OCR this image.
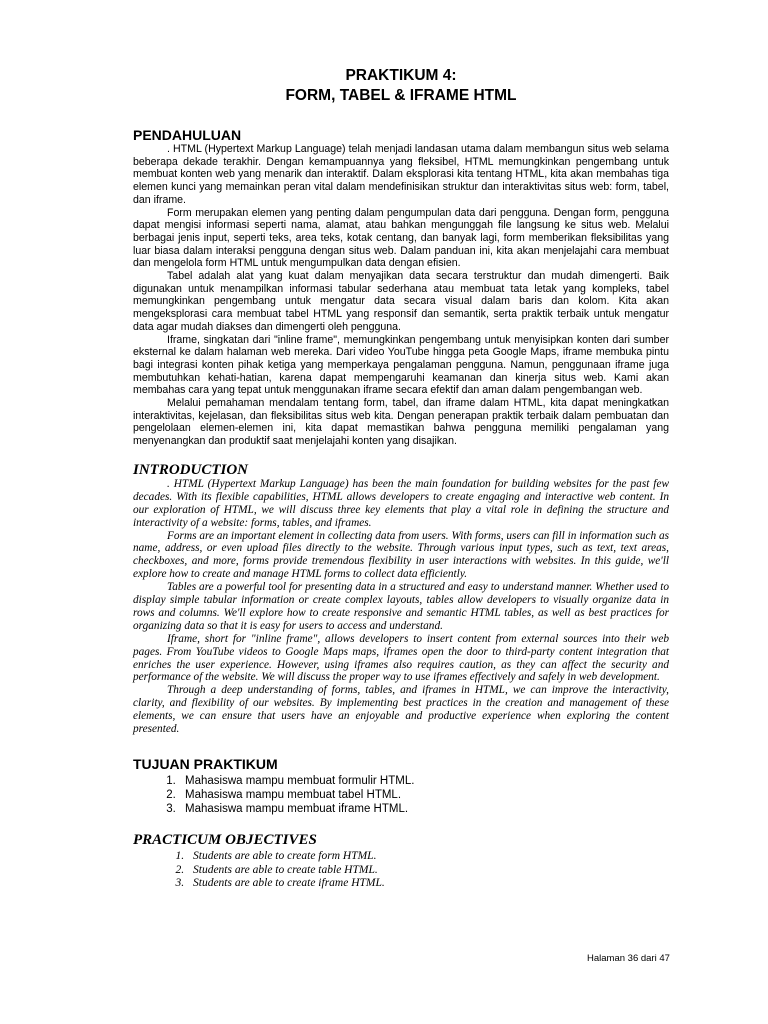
PRAKTIKUM 4:

FORM, TABEL & IFRAME HTML

PENDAHULUAN

. HTML (Hypertext Markup Language) telah menjadi landasan utama dalam membangun situs web selama beberapa dekade terakhir. Dengan kemampuannya yang fleksibel, HTML memungkinkan pengembang untuk membuat konten web yang menarik dan interaktif. Dalam eksplorasi kita tentang HTML, kita akan membahas tiga elemen kunci yang memainkan peran vital dalam mendefinisikan struktur dan interaktivitas situs web: form, tabel, dan iframe.

Form merupakan elemen yang penting dalam pengumpulan data dari pengguna. Dengan form, pengguna dapat mengisi informasi seperti nama, alamat, atau bahkan mengunggah file langsung ke situs web. Melalui berbagai jenis input, seperti teks, area teks, kotak centang, dan banyak lagi, form memberikan fleksibilitas yang luar biasa dalam interaksi pengguna dengan situs web. Dalam panduan ini, kita akan menjelajahi cara membuat dan mengelola form HTML untuk mengumpulkan data dengan efisien.

Tabel adalah alat yang kuat dalam menyajikan data secara terstruktur dan mudah dimengerti. Baik digunakan untuk menampilkan informasi tabular sederhana atau membuat tata letak yang kompleks, tabel memungkinkan pengembang untuk mengatur data secara visual dalam baris dan kolom. Kita akan mengeksplorasi cara membuat tabel HTML yang responsif dan semantik, serta praktik terbaik untuk mengatur data agar mudah diakses dan dimengerti oleh pengguna.

Iframe, singkatan dari "inline frame", memungkinkan pengembang untuk menyisipkan konten dari sumber eksternal ke dalam halaman web mereka. Dari video YouTube hingga peta Google Maps, iframe membuka pintu bagi integrasi konten pihak ketiga yang memperkaya pengalaman pengguna. Namun, penggunaan iframe juga membutuhkan kehati-hatian, karena dapat mempengaruhi keamanan dan kinerja situs web. Kami akan membahas cara yang tepat untuk menggunakan iframe secara efektif dan aman dalam pengembangan web.

Melalui pemahaman mendalam tentang form, tabel, dan iframe dalam HTML, kita dapat meningkatkan interaktivitas, kejelasan, dan fleksibilitas situs web kita. Dengan penerapan praktik terbaik dalam pembuatan dan pengelolaan elemen-elemen ini, kita dapat memastikan bahwa pengguna memiliki pengalaman yang menyenangkan dan produktif saat menjelajahi konten yang disajikan.

INTRODUCTION

. HTML (Hypertext Markup Language) has been the main foundation for building websites for the past few decades. With its flexible capabilities, HTML allows developers to create engaging and interactive web content. In our exploration of HTML, we will discuss three key elements that play a vital role in defining the structure and interactivity of a website: forms, tables, and iframes.

Forms are an important element in collecting data from users. With forms, users can fill in information such as name, address, or even upload files directly to the website. Through various input types, such as text, text areas, checkboxes, and more, forms provide tremendous flexibility in user interactions with websites. In this guide, we'll explore how to create and manage HTML forms to collect data efficiently.

Tables are a powerful tool for presenting data in a structured and easy to understand manner. Whether used to display simple tabular information or create complex layouts, tables allow developers to visually organize data in rows and columns. We'll explore how to create responsive and semantic HTML tables, as well as best practices for organizing data so that it is easy for users to access and understand.

Iframe, short for "inline frame", allows developers to insert content from external sources into their web pages. From YouTube videos to Google Maps maps, iframes open the door to third-party content integration that enriches the user experience. However, using iframes also requires caution, as they can affect the security and performance of the website. We will discuss the proper way to use iframes effectively and safely in web development.

Through a deep understanding of forms, tables, and iframes in HTML, we can improve the interactivity, clarity, and flexibility of our websites. By implementing best practices in the creation and management of these elements, we can ensure that users have an enjoyable and productive experience when exploring the content presented.

TUJUAN PRAKTIKUM
1. Mahasiswa mampu membuat formulir HTML.
2. Mahasiswa mampu membuat tabel HTML.
3. Mahasiswa mampu membuat iframe HTML.
PRACTICUM OBJECTIVES
1. Students are able to create form HTML.
2. Students are able to create table HTML.
3. Students are able to create iframe HTML.
Halaman 36 dari 47
